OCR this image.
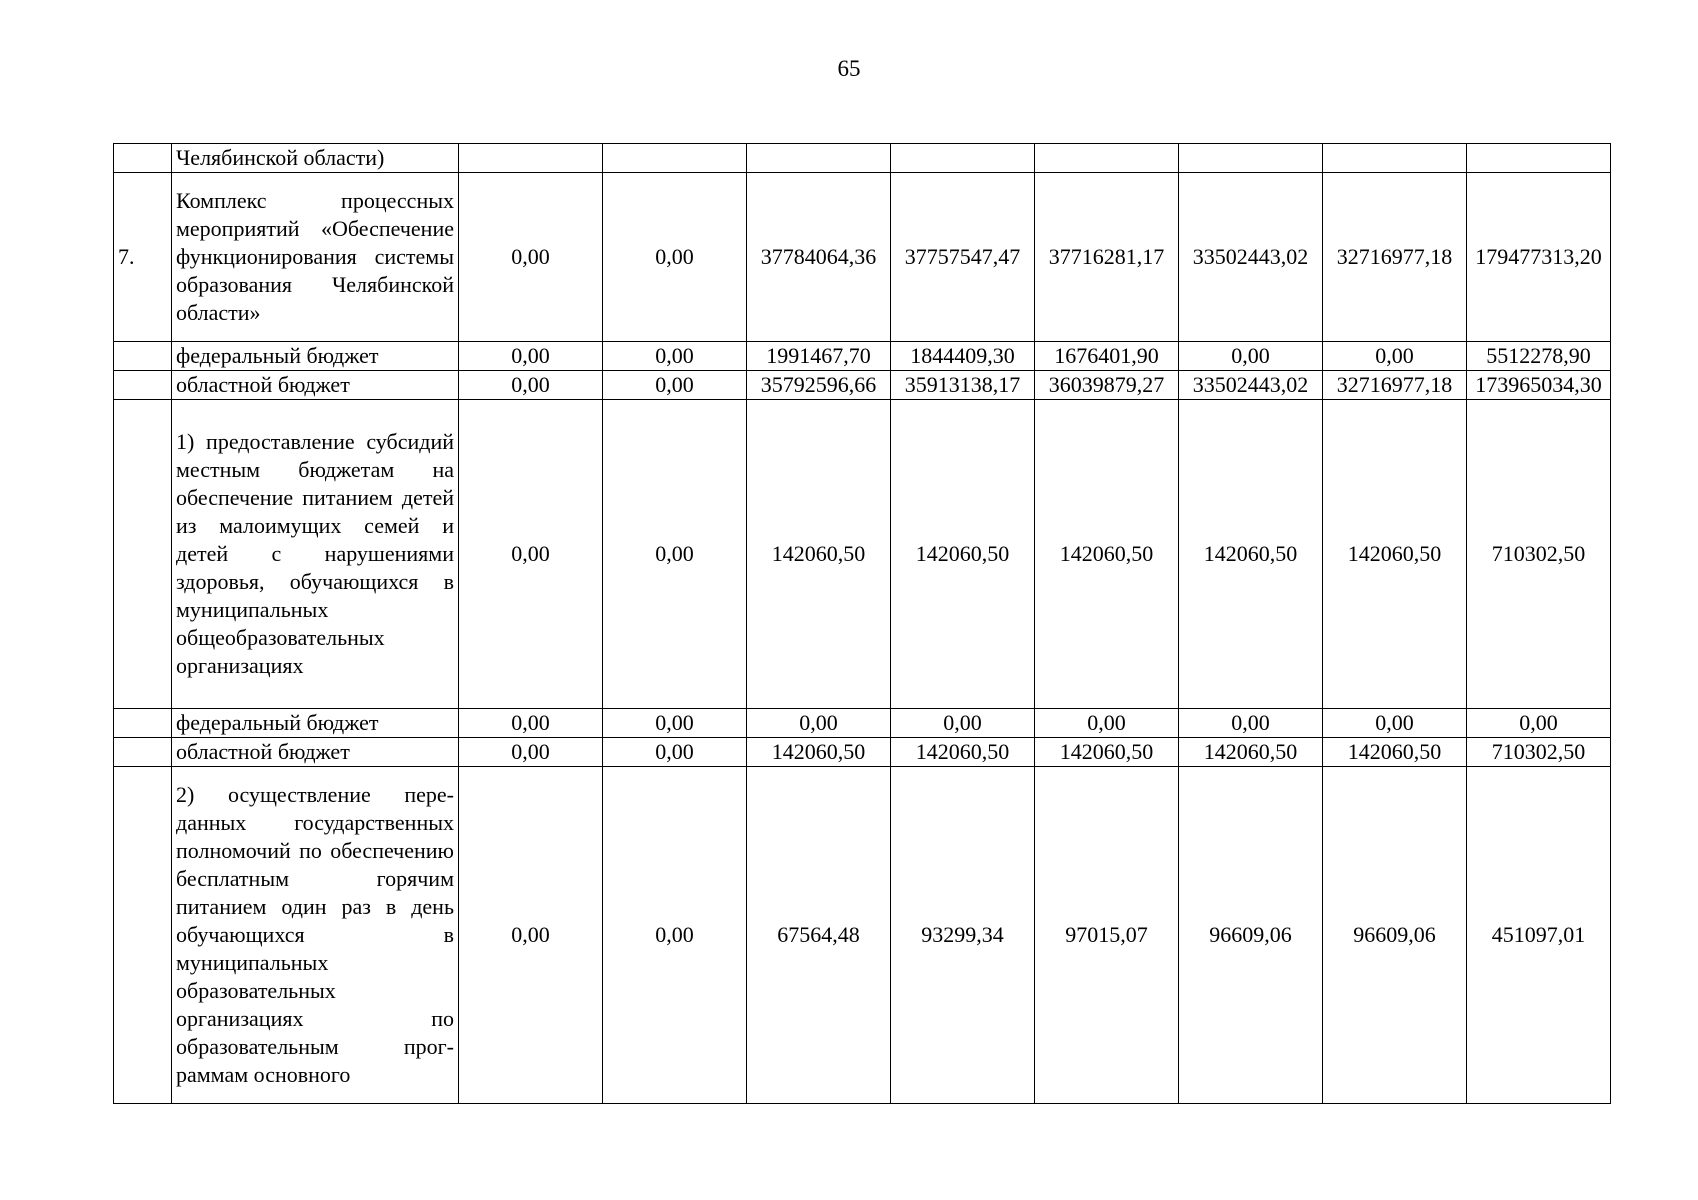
65
	Челябинской области)								
7.	Комплекс процессных мероприятий «Обеспечение функционирования системы образования Челябинской области»	0,00	0,00	37784064,36	37757547,47	37716281,17	33502443,02	32716977,18	179477313,20
	федеральный бюджет	0,00	0,00	1991467,70	1844409,30	1676401,90	0,00	0,00	5512278,90
	областной бюджет	0,00	0,00	35792596,66	35913138,17	36039879,27	33502443,02	32716977,18	173965034,30
	1) предоставление субсидий местным бюджетам на обеспечение питанием детей из малоимущих семей и детей с нарушениями здоровья, обучающихся в муниципальных общеобразовательных организациях	0,00	0,00	142060,50	142060,50	142060,50	142060,50	142060,50	710302,50
	федеральный бюджет	0,00	0,00	0,00	0,00	0,00	0,00	0,00	0,00
	областной бюджет	0,00	0,00	142060,50	142060,50	142060,50	142060,50	142060,50	710302,50
	2) осуществление пере-данных государственных полномочий по обеспечению бесплатным горячим питанием один раз в день обучающихся в муниципальных образовательных организациях по образовательным прог-раммам основного	0,00	0,00	67564,48	93299,34	97015,07	96609,06	96609,06	451097,01
